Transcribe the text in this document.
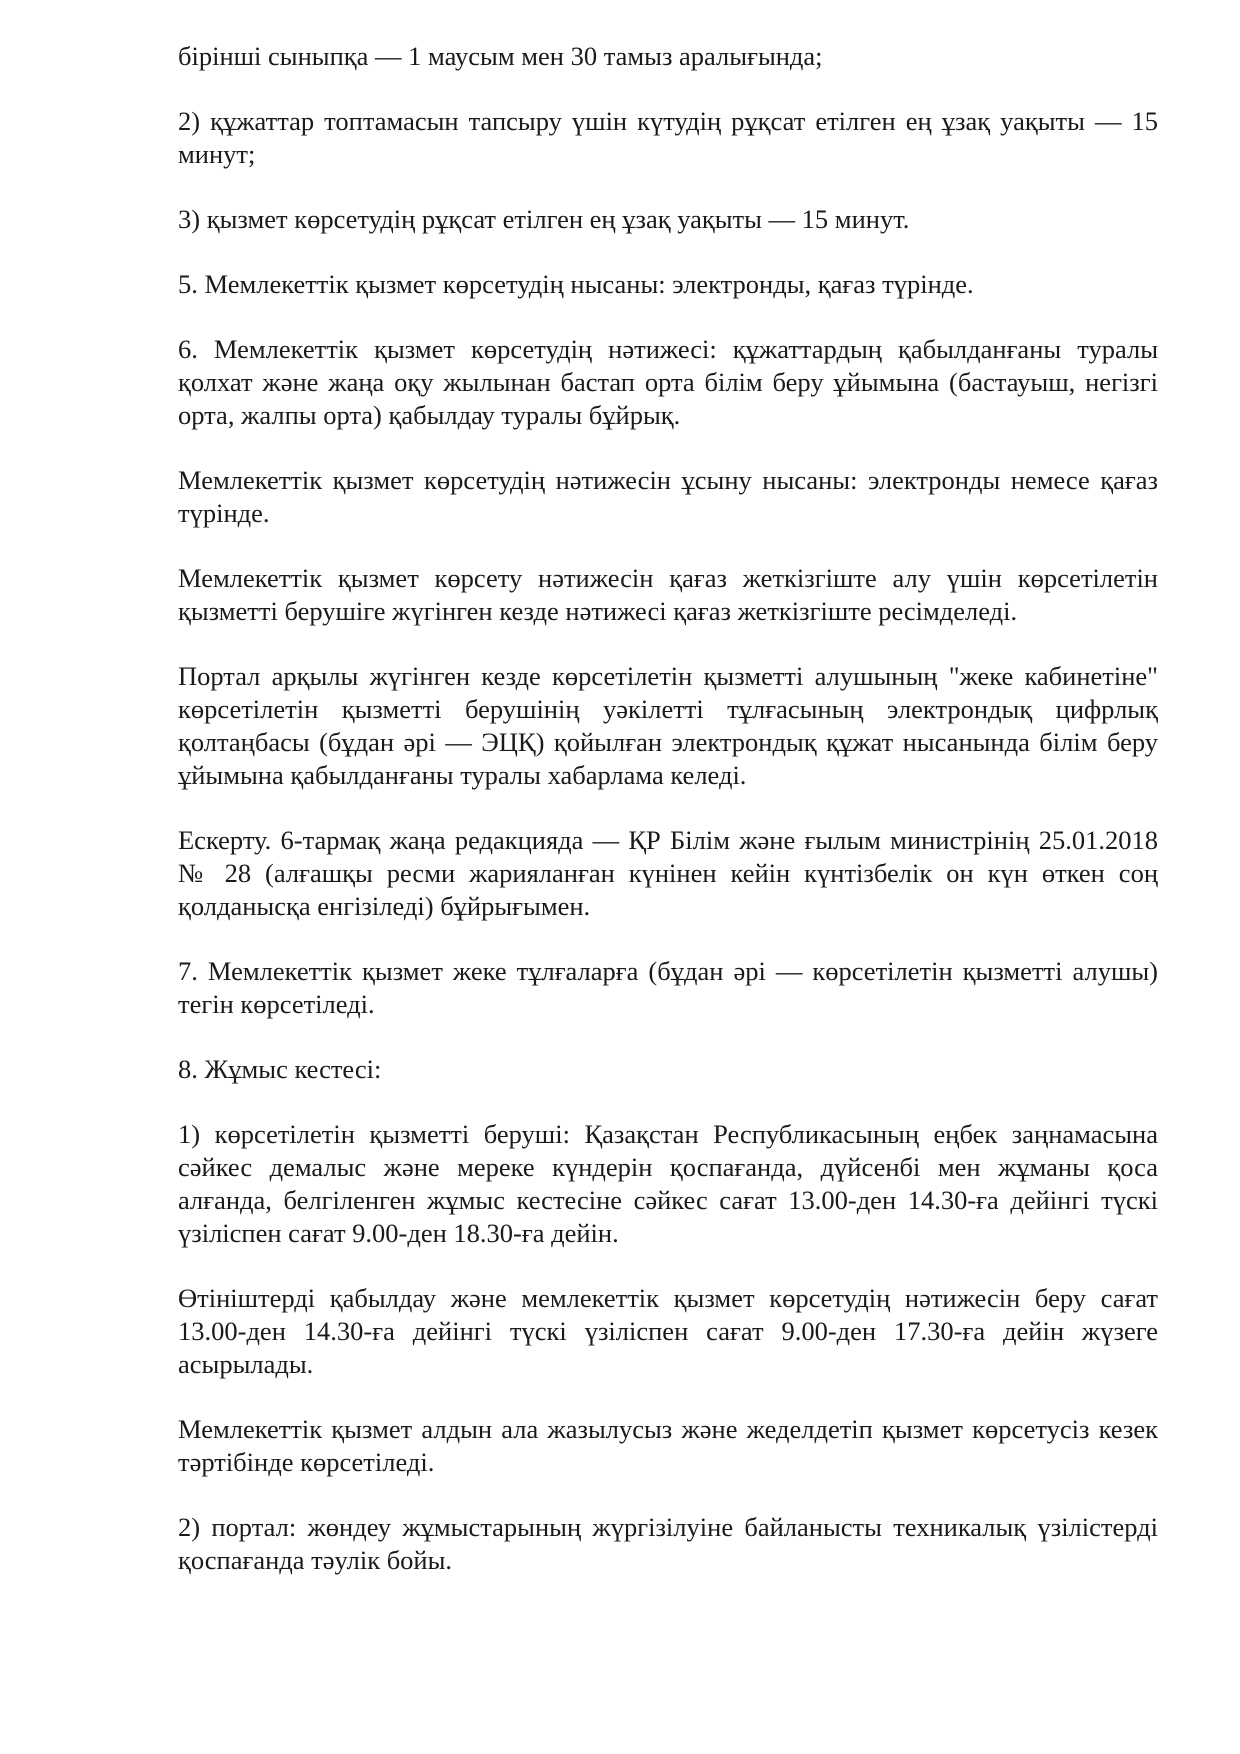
бірінші сыныпқа — 1 маусым мен 30 тамыз аралығында;

2) құжаттар топтамасын тапсыру үшін күтудің рұқсат етілген ең ұзақ уақыты — 15 минут;

3) қызмет көрсетудің рұқсат етілген ең ұзақ уақыты — 15 минут.

5. Мемлекеттік қызмет көрсетудің нысаны: электронды, қағаз түрінде.

6. Мемлекеттік қызмет көрсетудің нәтижесі: құжаттардың қабылданғаны туралы қолхат және жаңа оқу жылынан бастап орта білім беру ұйымына (бастауыш, негізгі орта, жалпы орта) қабылдау туралы бұйрық.

Мемлекеттік қызмет көрсетудің нәтижесін ұсыну нысаны: электронды немесе қағаз түрінде.

Мемлекеттік қызмет көрсету нәтижесін қағаз жеткізгіште алу үшін көрсетілетін қызметті берушіге жүгінген кезде нәтижесі қағаз жеткізгіште ресімделеді.

Портал арқылы жүгінген кезде көрсетілетін қызметті алушының "жеке кабинетіне" көрсетілетін қызметті берушінің уәкілетті тұлғасының электрондық цифрлық қолтаңбасы (бұдан әрі — ЭЦҚ) қойылған электрондық құжат нысанында білім беру ұйымына қабылданғаны туралы хабарлама келеді.

Ескерту. 6-тармақ жаңа редакцияда — ҚР Білім және ғылым министрінің 25.01.2018 № 28 (алғашқы ресми жарияланған күнінен кейін күнтізбелік он күн өткен соң қолданысқа енгізіледі) бұйрығымен.

7. Мемлекеттік қызмет жеке тұлғаларға (бұдан әрі — көрсетілетін қызметті алушы) тегін көрсетіледі.

8. Жұмыс кестесі:

1) көрсетілетін қызметті беруші: Қазақстан Республикасының еңбек заңнамасына сәйкес демалыс және мереке күндерін қоспағанда, дүйсенбі мен жұманы қоса алғанда, белгіленген жұмыс кестесіне сәйкес сағат 13.00-ден 14.30-ға дейінгі түскі үзіліспен сағат 9.00-ден 18.30-ға дейін.

Өтініштерді қабылдау және мемлекеттік қызмет көрсетудің нәтижесін беру сағат 13.00-ден 14.30-ға дейінгі түскі үзіліспен сағат 9.00-ден 17.30-ға дейін жүзеге асырылады.

Мемлекеттік қызмет алдын ала жазылусыз және жеделдетіп қызмет көрсетусіз кезек тәртібінде көрсетіледі.

2) портал: жөндеу жұмыстарының жүргізілуіне байланысты техникалық үзілістерді қоспағанда тәулік бойы.
